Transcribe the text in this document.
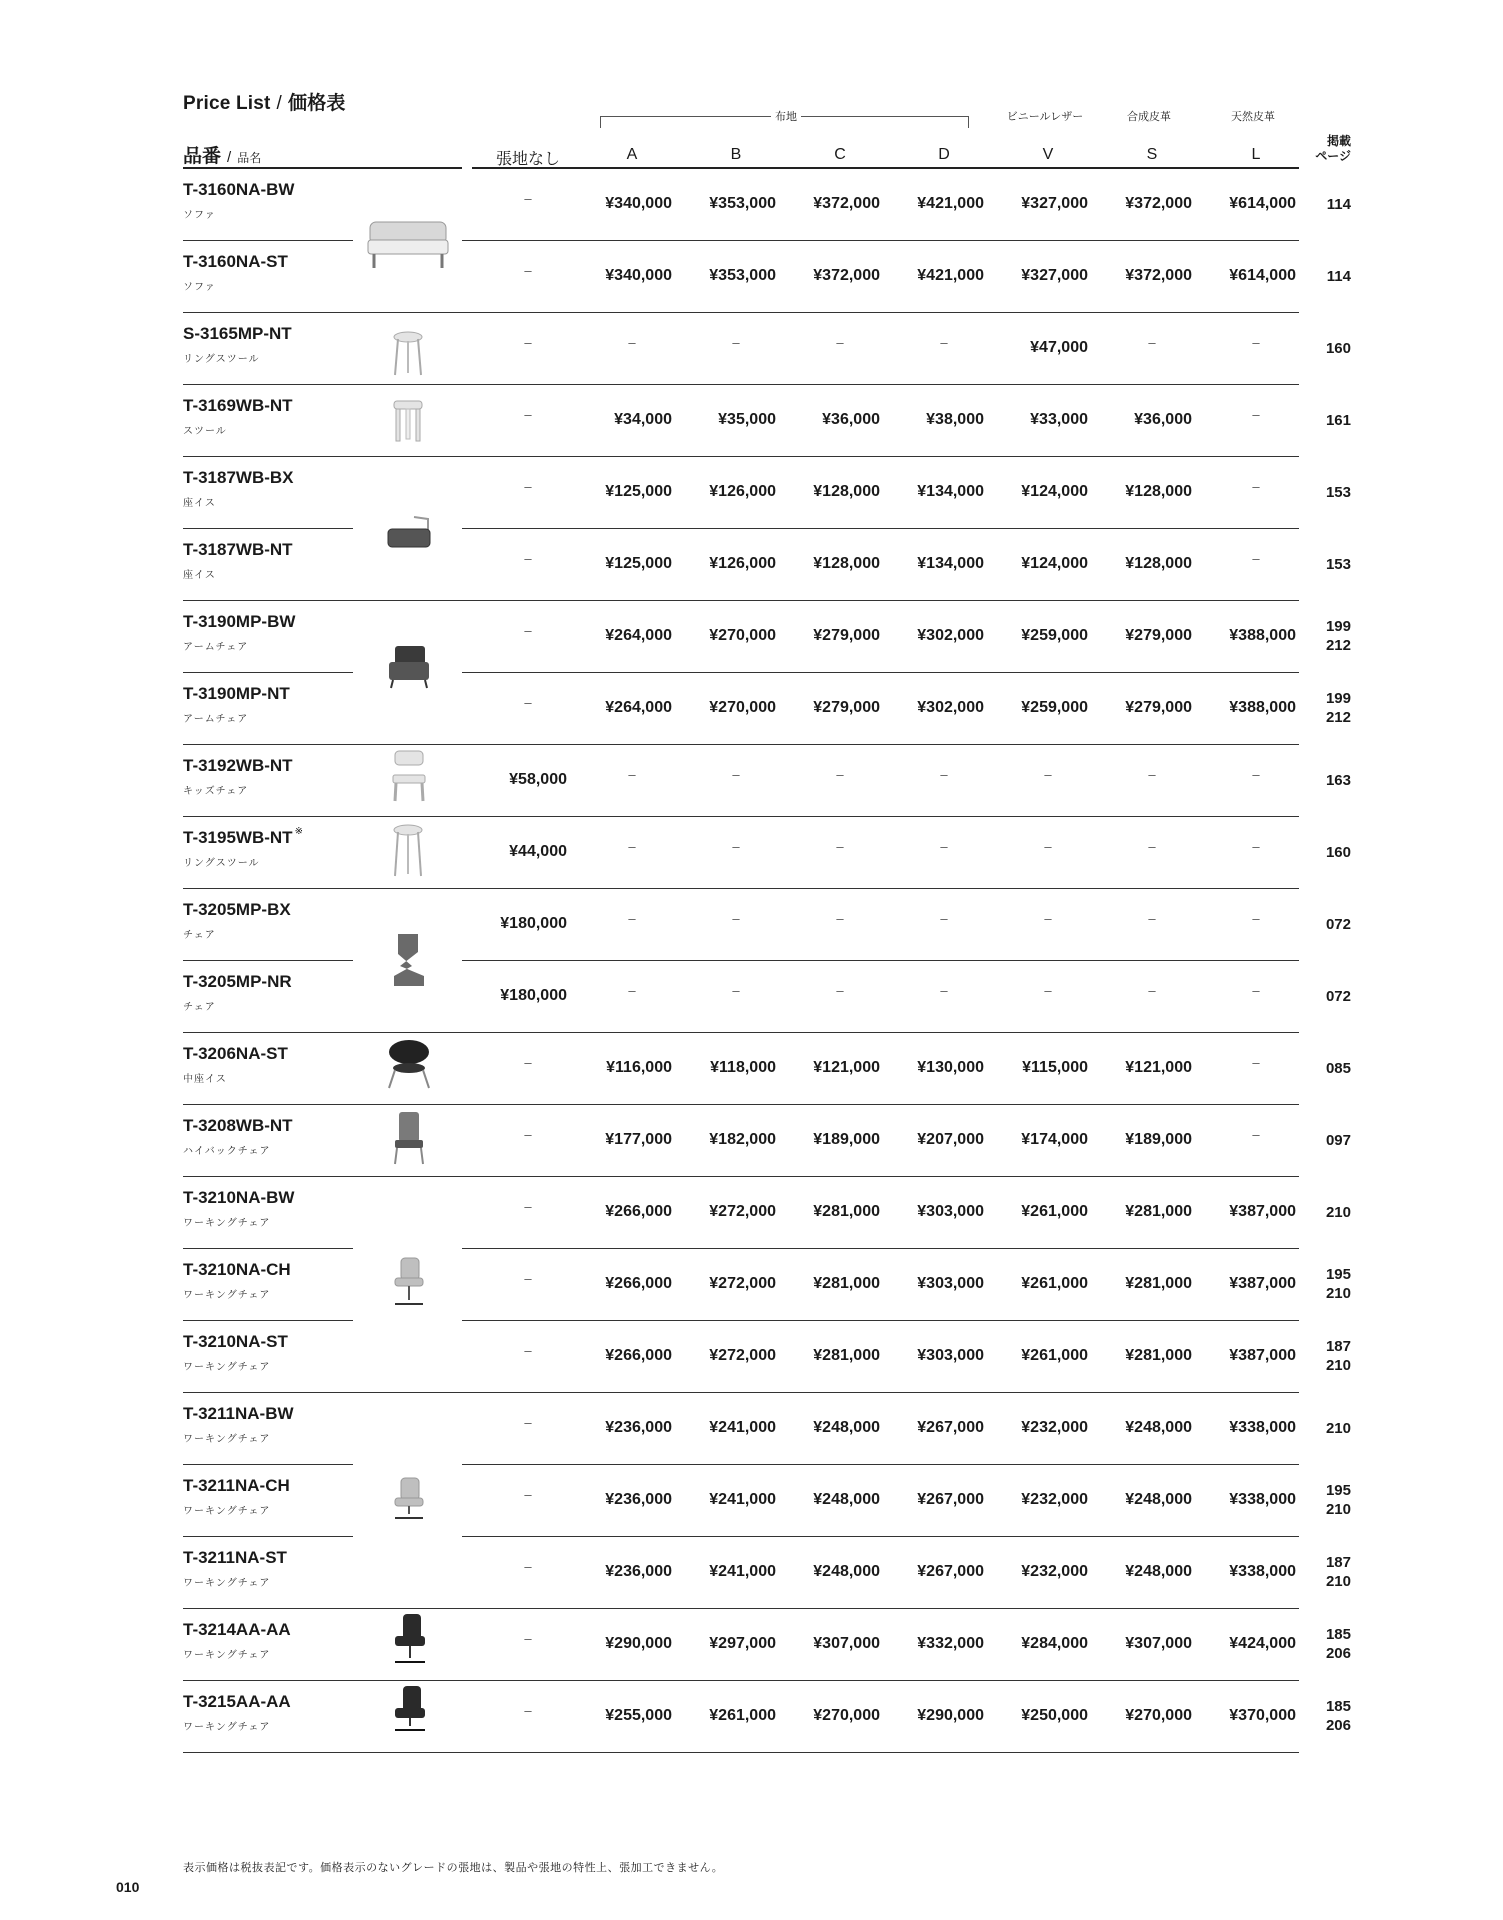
Price List / 価格表
布地	ビニールレザー	合成皮革	天然皮革
品番 / 品名	張地なし	A	B	C	D	V	S	L
掲載
ページ
T-3160NA-BW
ソファ
–	¥340,000	¥353,000	¥372,000	¥421,000	¥327,000	¥372,000	¥614,000	114
T-3160NA-ST
ソファ
–	¥340,000	¥353,000	¥372,000	¥421,000	¥327,000	¥372,000	¥614,000	114
S-3165MP-NT
リングスツール
–	–	–	–	–	¥47,000	–	–	160
T-3169WB-NT
スツール
–	¥34,000	¥35,000	¥36,000	¥38,000	¥33,000	¥36,000	–	161
T-3187WB-BX
座イス
–	¥125,000	¥126,000	¥128,000	¥134,000	¥124,000	¥128,000	–	153
T-3187WB-NT
座イス
–	¥125,000	¥126,000	¥128,000	¥134,000	¥124,000	¥128,000	–	153
T-3190MP-BW
アームチェア
–	¥264,000	¥270,000	¥279,000	¥302,000	¥259,000	¥279,000	¥388,000
199
212
T-3190MP-NT
アームチェア
–	¥264,000	¥270,000	¥279,000	¥302,000	¥259,000	¥279,000	¥388,000
199
212
T-3192WB-NT
キッズチェア
¥58,000	–	–	–	–	–	–	–	163
T-3195WB-NT ※
リングスツール
¥44,000	–	–	–	–	–	–	–	160
T-3205MP-BX
チェア
¥180,000	–	–	–	–	–	–	–	072
T-3205MP-NR
チェア
¥180,000	–	–	–	–	–	–	–	072
T-3206NA-ST
中座イス
–	¥116,000	¥118,000	¥121,000	¥130,000	¥115,000	¥121,000	–	085
T-3208WB-NT
ハイバックチェア
–	¥177,000	¥182,000	¥189,000	¥207,000	¥174,000	¥189,000	–	097
T-3210NA-BW
ワーキングチェア
–	¥266,000	¥272,000	¥281,000	¥303,000	¥261,000	¥281,000	¥387,000	210
T-3210NA-CH
ワーキングチェア
–	¥266,000	¥272,000	¥281,000	¥303,000	¥261,000	¥281,000	¥387,000
195
210
T-3210NA-ST
ワーキングチェア
–	¥266,000	¥272,000	¥281,000	¥303,000	¥261,000	¥281,000	¥387,000
187
210
T-3211NA-BW
ワーキングチェア
–	¥236,000	¥241,000	¥248,000	¥267,000	¥232,000	¥248,000	¥338,000	210
T-3211NA-CH
ワーキングチェア
–	¥236,000	¥241,000	¥248,000	¥267,000	¥232,000	¥248,000	¥338,000
195
210
T-3211NA-ST
ワーキングチェア
–	¥236,000	¥241,000	¥248,000	¥267,000	¥232,000	¥248,000	¥338,000
187
210
T-3214AA-AA
ワーキングチェア
–	¥290,000	¥297,000	¥307,000	¥332,000	¥284,000	¥307,000	¥424,000
185
206
T-3215AA-AA
ワーキングチェア
–	¥255,000	¥261,000	¥270,000	¥290,000	¥250,000	¥270,000	¥370,000
185
206
表示価格は税抜表記です。価格表示のないグレードの張地は、製品や張地の特性上、張加工できません。
010
